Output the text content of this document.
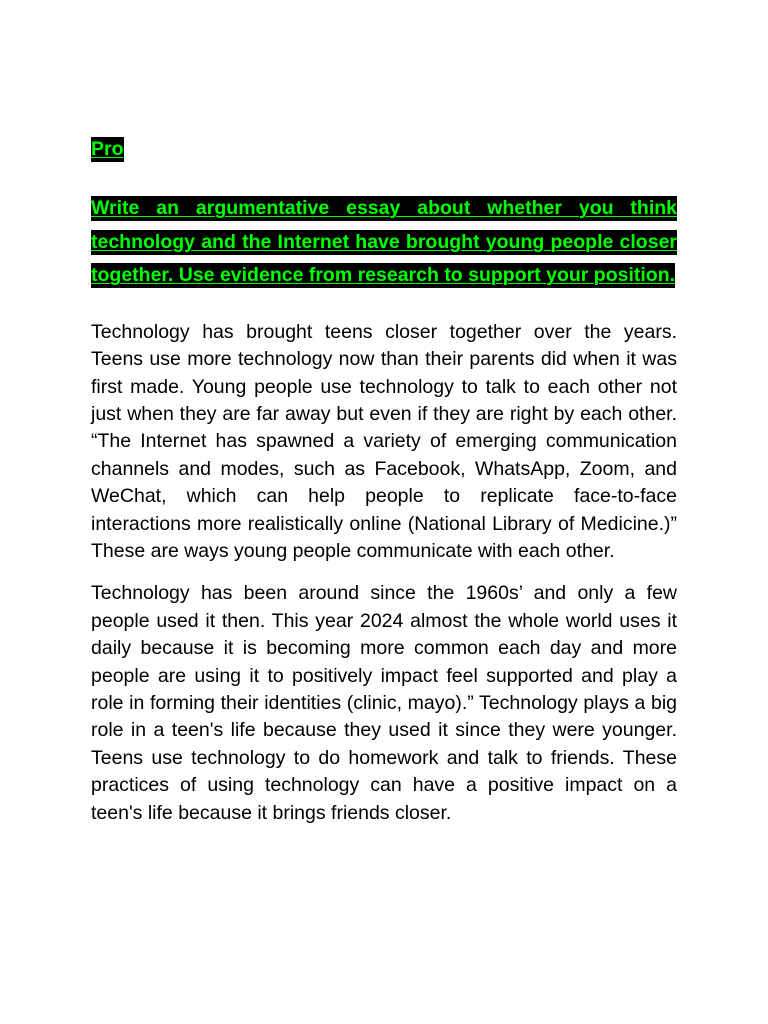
Pro

Write an argumentative essay about whether you think technology and the Internet have brought young people closer together. Use evidence from research to support your position.

Technology has brought teens closer together over the years. Teens use more technology now than their parents did when it was first made. Young people use technology to talk to each other not just when they are far away but even if they are right by each other. “The Internet has spawned a variety of emerging communication channels and modes, such as Facebook, WhatsApp, Zoom, and WeChat, which can help people to replicate face-to-face interactions more realistically online (National Library of Medicine.)” These are ways young people communicate with each other.

Technology has been around since the 1960s’ and only a few people used it then. This year 2024 almost the whole world uses it daily because it is becoming more common each day and more people are using it to positively impact feel supported and play a role in forming their identities (clinic, mayo).” Technology plays a big role in a teen's life because they used it since they were younger. Teens use technology to do homework and talk to friends. These practices of using technology can have a positive impact on a teen's life because it brings friends closer.
